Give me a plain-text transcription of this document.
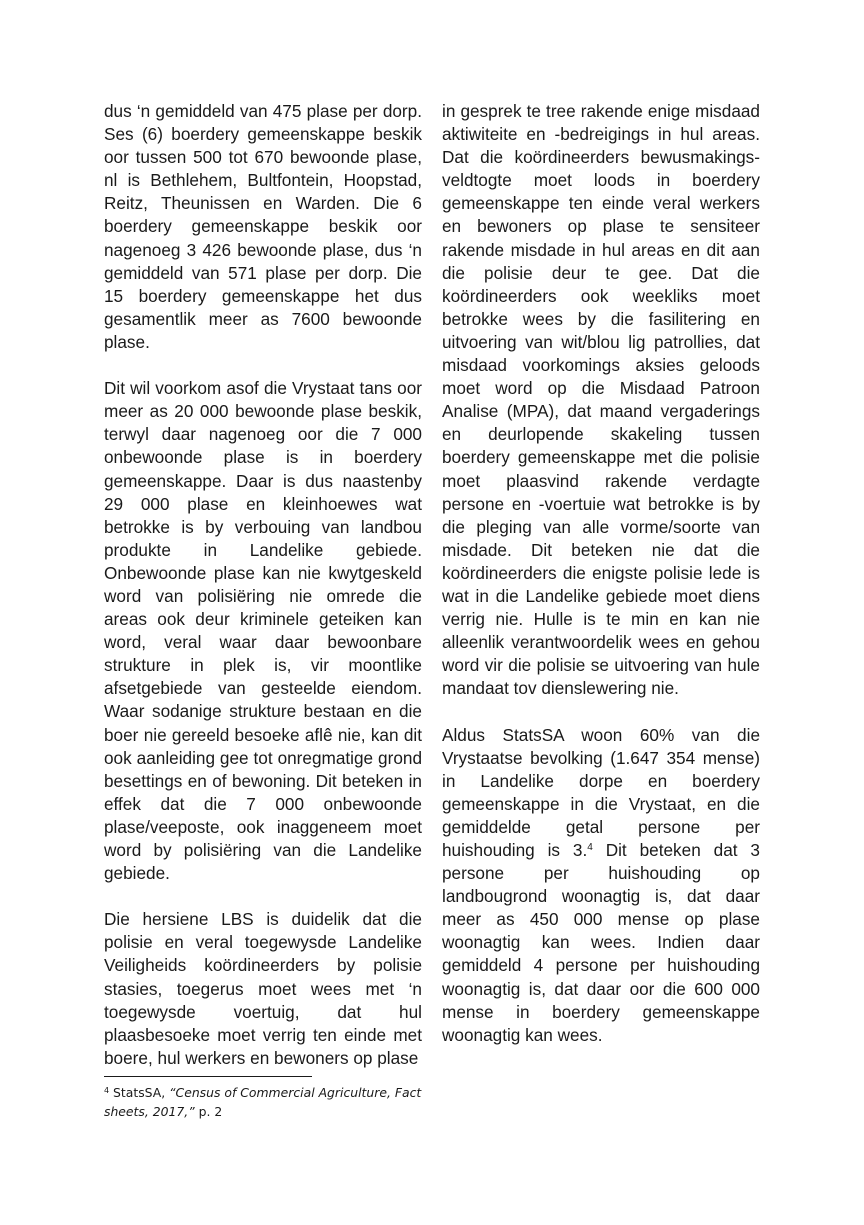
dus ‘n gemiddeld van 475 plase per dorp. Ses (6) boerdery gemeenskappe beskik oor tussen 500 tot 670 bewoonde plase, nl is Bethlehem, Bultfontein, Hoopstad, Reitz, Theunissen en Warden. Die 6 boerdery gemeenskappe beskik oor nagenoeg 3 426 bewoonde plase, dus ‘n gemiddeld van 571 plase per dorp. Die 15 boerdery gemeenskappe het dus gesamentlik meer as 7600 bewoonde plase.

Dit wil voorkom asof die Vrystaat tans oor meer as 20 000 bewoonde plase beskik, terwyl daar nagenoeg oor die 7 000 onbewoonde plase is in boerdery gemeenskappe. Daar is dus naastenby 29 000 plase en kleinhoewes wat betrokke is by verbouing van landbou produkte in Landelike gebiede. Onbewoonde plase kan nie kwytgeskeld word van polisiëring nie omrede die areas ook deur kriminele geteiken kan word, veral waar daar bewoonbare strukture in plek is, vir moontlike afsetgebiede van gesteelde eiendom. Waar sodanige strukture bestaan en die boer nie gereeld besoeke aflê nie, kan dit ook aanleiding gee tot onregmatige grond besettings en of bewoning. Dit beteken in effek dat die 7 000 onbewoonde plase/veeposte, ook inaggeneem moet word by polisiëring van die Landelike gebiede.

Die hersiene LBS is duidelik dat die polisie en veral toegewysde Landelike Veiligheids koördineerders by polisie stasies, toegerus moet wees met ‘n toegewysde voertuig, dat hul plaasbesoeke moet verrig ten einde met boere, hul werkers en bewoners op plase

in gesprek te tree rakende enige misdaad aktiwiteite en -bedreigings in hul areas. Dat die koördineerders bewusmakings-veldtogte moet loods in boerdery gemeenskappe ten einde veral werkers en bewoners op plase te sensiteer rakende misdade in hul areas en dit aan die polisie deur te gee. Dat die koördineerders ook weekliks moet betrokke wees by die fasilitering en uitvoering van wit/blou lig patrollies, dat misdaad voorkomings aksies geloods moet word op die Misdaad Patroon Analise (MPA), dat maand vergaderings en deurlopende skakeling tussen boerdery gemeenskappe met die polisie moet plaasvind rakende verdagte persone en -voertuie wat betrokke is by die pleging van alle vorme/soorte van misdade. Dit beteken nie dat die koördineerders die enigste polisie lede is wat in die Landelike gebiede moet diens verrig nie. Hulle is te min en kan nie alleenlik verantwoordelik wees en gehou word vir die polisie se uitvoering van hule mandaat tov dienslewering nie.

Aldus StatsSA woon 60% van die Vrystaatse bevolking (1.647 354 mense) in Landelike dorpe en boerdery gemeenskappe in die Vrystaat, en die gemiddelde getal persone per huishouding is 3.$^4$ Dit beteken dat 3 persone per huishouding op landbougrond woonagtig is, dat daar meer as 450 000 mense op plase woonagtig kan wees. Indien daar gemiddeld 4 persone per huishouding woonagtig is, dat daar oor die 600 000 mense in boerdery gemeenskappe woonagtig kan wees.

$^4$ StatsSA, “Census of Commercial Agriculture, Fact sheets, 2017,” p. 2
